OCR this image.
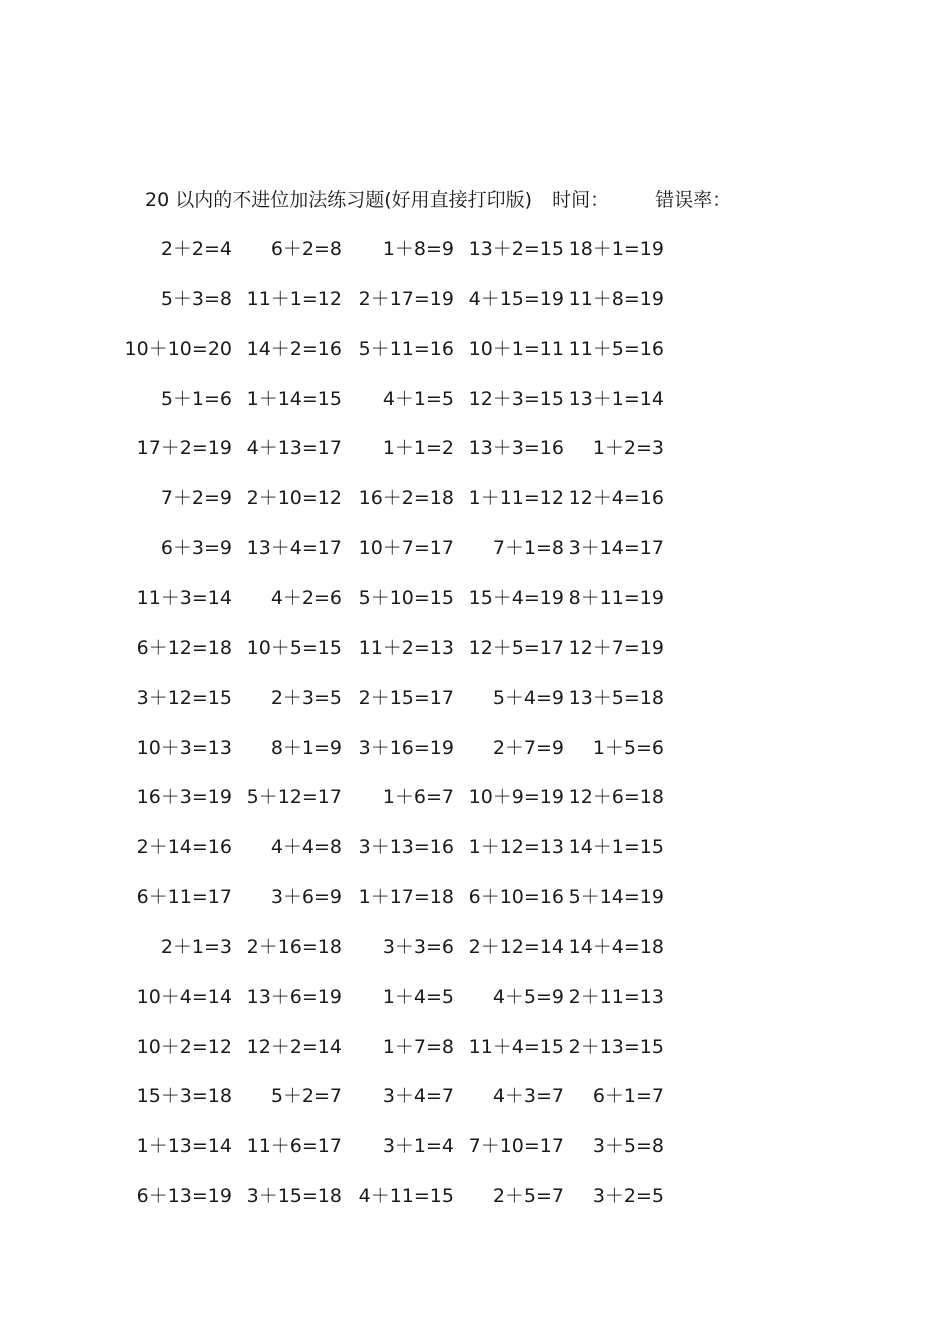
20 以内的不进位加法练习题(好用直接打印版) 时间： 错误率：
2＋2=4 6＋2=8 1＋8=9 13＋2=15 18＋1=19
5＋3=8 11＋1=12 2＋17=19 4＋15=19 11＋8=19
10＋10=20 14＋2=16 5＋11=16 10＋1=11 11＋5=16
5＋1=6 1＋14=15 4＋1=5 12＋3=15 13＋1=14
17＋2=19 4＋13=17 1＋1=2 13＋3=16 1＋2=3
7＋2=9 2＋10=12 16＋2=18 1＋11=12 12＋4=16
6＋3=9 13＋4=17 10＋7=17 7＋1=8 3＋14=17
11＋3=14 4＋2=6 5＋10=15 15＋4=19 8＋11=19
6＋12=18 10＋5=15 11＋2=13 12＋5=17 12＋7=19
3＋12=15 2＋3=5 2＋15=17 5＋4=9 13＋5=18
10＋3=13 8＋1=9 3＋16=19 2＋7=9 1＋5=6
16＋3=19 5＋12=17 1＋6=7 10＋9=19 12＋6=18
2＋14=16 4＋4=8 3＋13=16 1＋12=13 14＋1=15
6＋11=17 3＋6=9 1＋17=18 6＋10=16 5＋14=19
2＋1=3 2＋16=18 3＋3=6 2＋12=14 14＋4=18
10＋4=14 13＋6=19 1＋4=5 4＋5=9 2＋11=13
10＋2=12 12＋2=14 1＋7=8 11＋4=15 2＋13=15
15＋3=18 5＋2=7 3＋4=7 4＋3=7 6＋1=7
1＋13=14 11＋6=17 3＋1=4 7＋10=17 3＋5=8
6＋13=19 3＋15=18 4＋11=15 2＋5=7 3＋2=5
